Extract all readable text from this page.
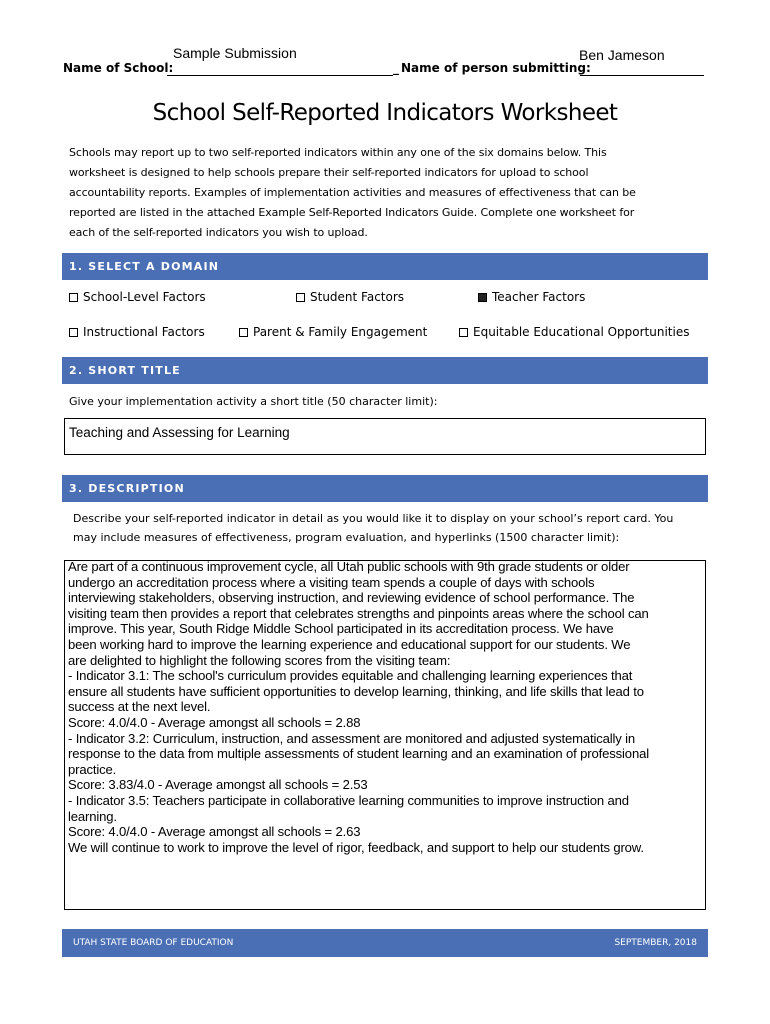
Sample Submission
Name of School:	_ Name of person submitting:
Ben Jameson
School Self-Reported Indicators Worksheet
Schools may report up to two self-reported indicators within any one of the six domains below. This
worksheet is designed to help schools prepare their self-reported indicators for upload to school
accountability reports. Examples of implementation activities and measures of effectiveness that can be
reported are listed in the attached Example Self-Reported Indicators Guide. Complete one worksheet for
each of the self-reported indicators you wish to upload.
1. SELECT A DOMAIN
School-Level Factors	Student Factors	Teacher Factors
Instructional Factors	Parent & Family Engagement	Equitable Educational Opportunities
2. SHORT TITLE
Give your implementation activity a short title (50 character limit):
Teaching and Assessing for Learning
3. DESCRIPTION
Describe your self-reported indicator in detail as you would like it to display on your school’s report card. You
may include measures of effectiveness, program evaluation, and hyperlinks (1500 character limit):
Are part of a continuous improvement cycle, all Utah public schools with 9th grade students or older
undergo an accreditation process where a visiting team spends a couple of days with schools
interviewing stakeholders, observing instruction, and reviewing evidence of school performance. The
visiting team then provides a report that celebrates strengths and pinpoints areas where the school can
improve. This year, South Ridge Middle School participated in its accreditation process. We have
been working hard to improve the learning experience and educational support for our students. We
are delighted to highlight the following scores from the visiting team:
- Indicator 3.1: The school's curriculum provides equitable and challenging learning experiences that
ensure all students have sufficient opportunities to develop learning, thinking, and life skills that lead to
success at the next level.
Score: 4.0/4.0 - Average amongst all schools = 2.88
- Indicator 3.2: Curriculum, instruction, and assessment are monitored and adjusted systematically in
response to the data from multiple assessments of student learning and an examination of professional
practice.
Score: 3.83/4.0 - Average amongst all schools = 2.53
- Indicator 3.5: Teachers participate in collaborative learning communities to improve instruction and
learning.
Score: 4.0/4.0 - Average amongst all schools = 2.63
We will continue to work to improve the level of rigor, feedback, and support to help our students grow.
UTAH STATE BOARD OF EDUCATION	SEPTEMBER, 2018
